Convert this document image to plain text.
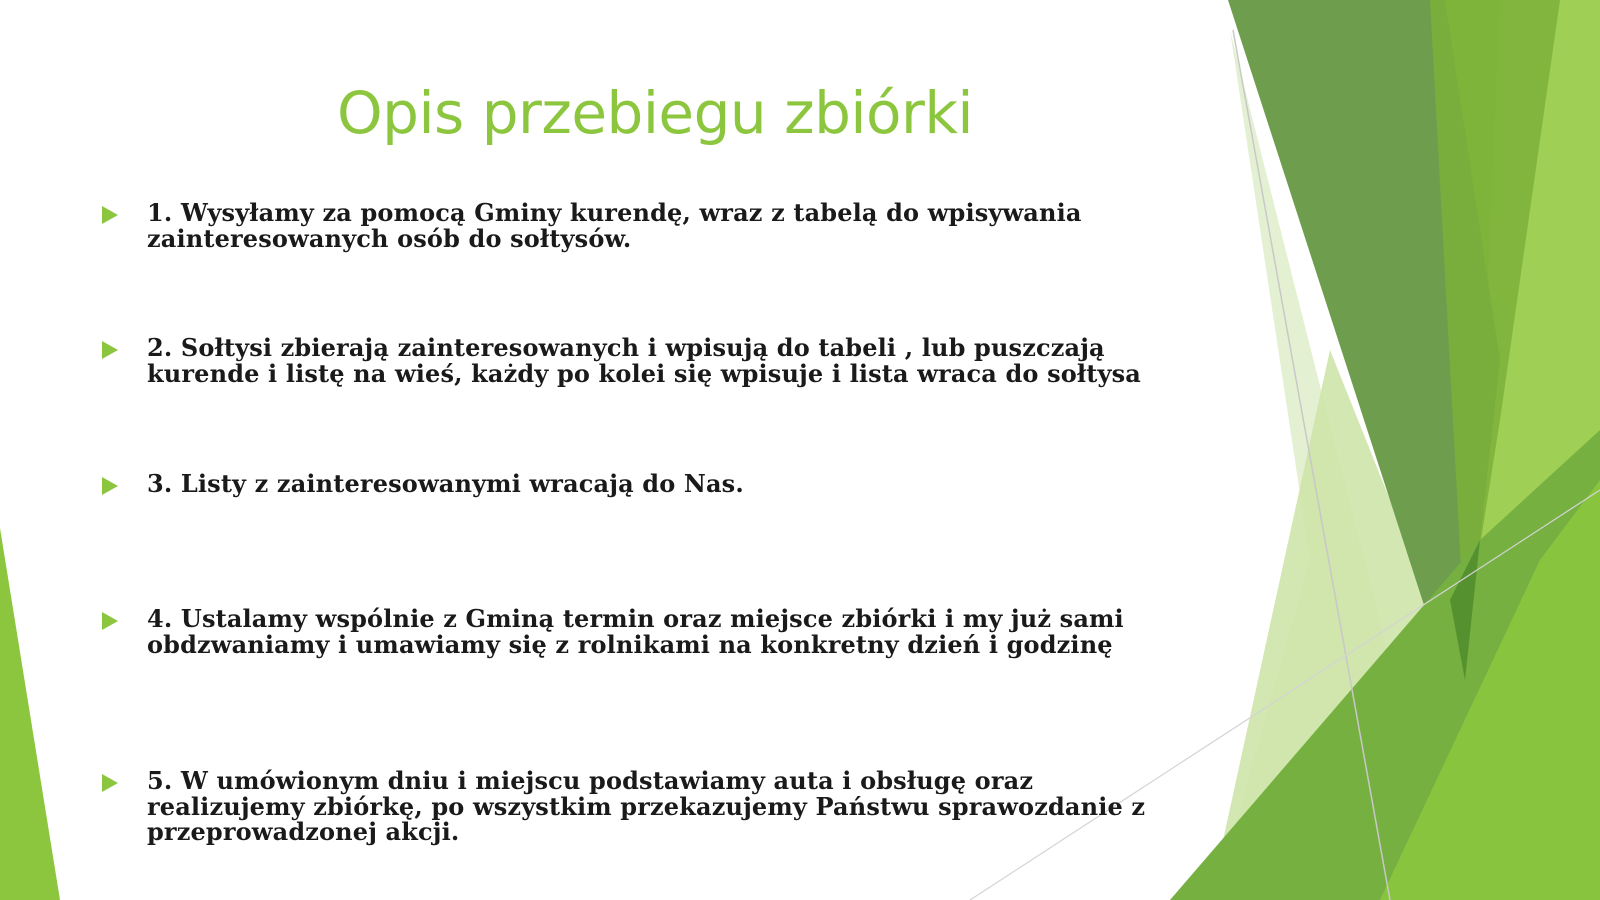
Opis przebiegu zbiórki
1. Wysyłamy za pomocą Gminy kurendę, wraz z tabelą do wpisywania
zainteresowanych osób do sołtysów.
2. Sołtysi zbierają zainteresowanych i wpisują do tabeli , lub puszczają
kurende i listę na wieś, każdy po kolei się wpisuje i lista wraca do sołtysa
3. Listy z zainteresowanymi wracają do Nas.
4. Ustalamy wspólnie z Gminą termin oraz miejsce zbiórki i my już sami
obdzwaniamy i umawiamy się z rolnikami na konkretny dzień i godzinę
5. W umówionym dniu i miejscu podstawiamy auta i obsługę oraz
realizujemy zbiórkę, po wszystkim przekazujemy Państwu sprawozdanie z
przeprowadzonej akcji.
